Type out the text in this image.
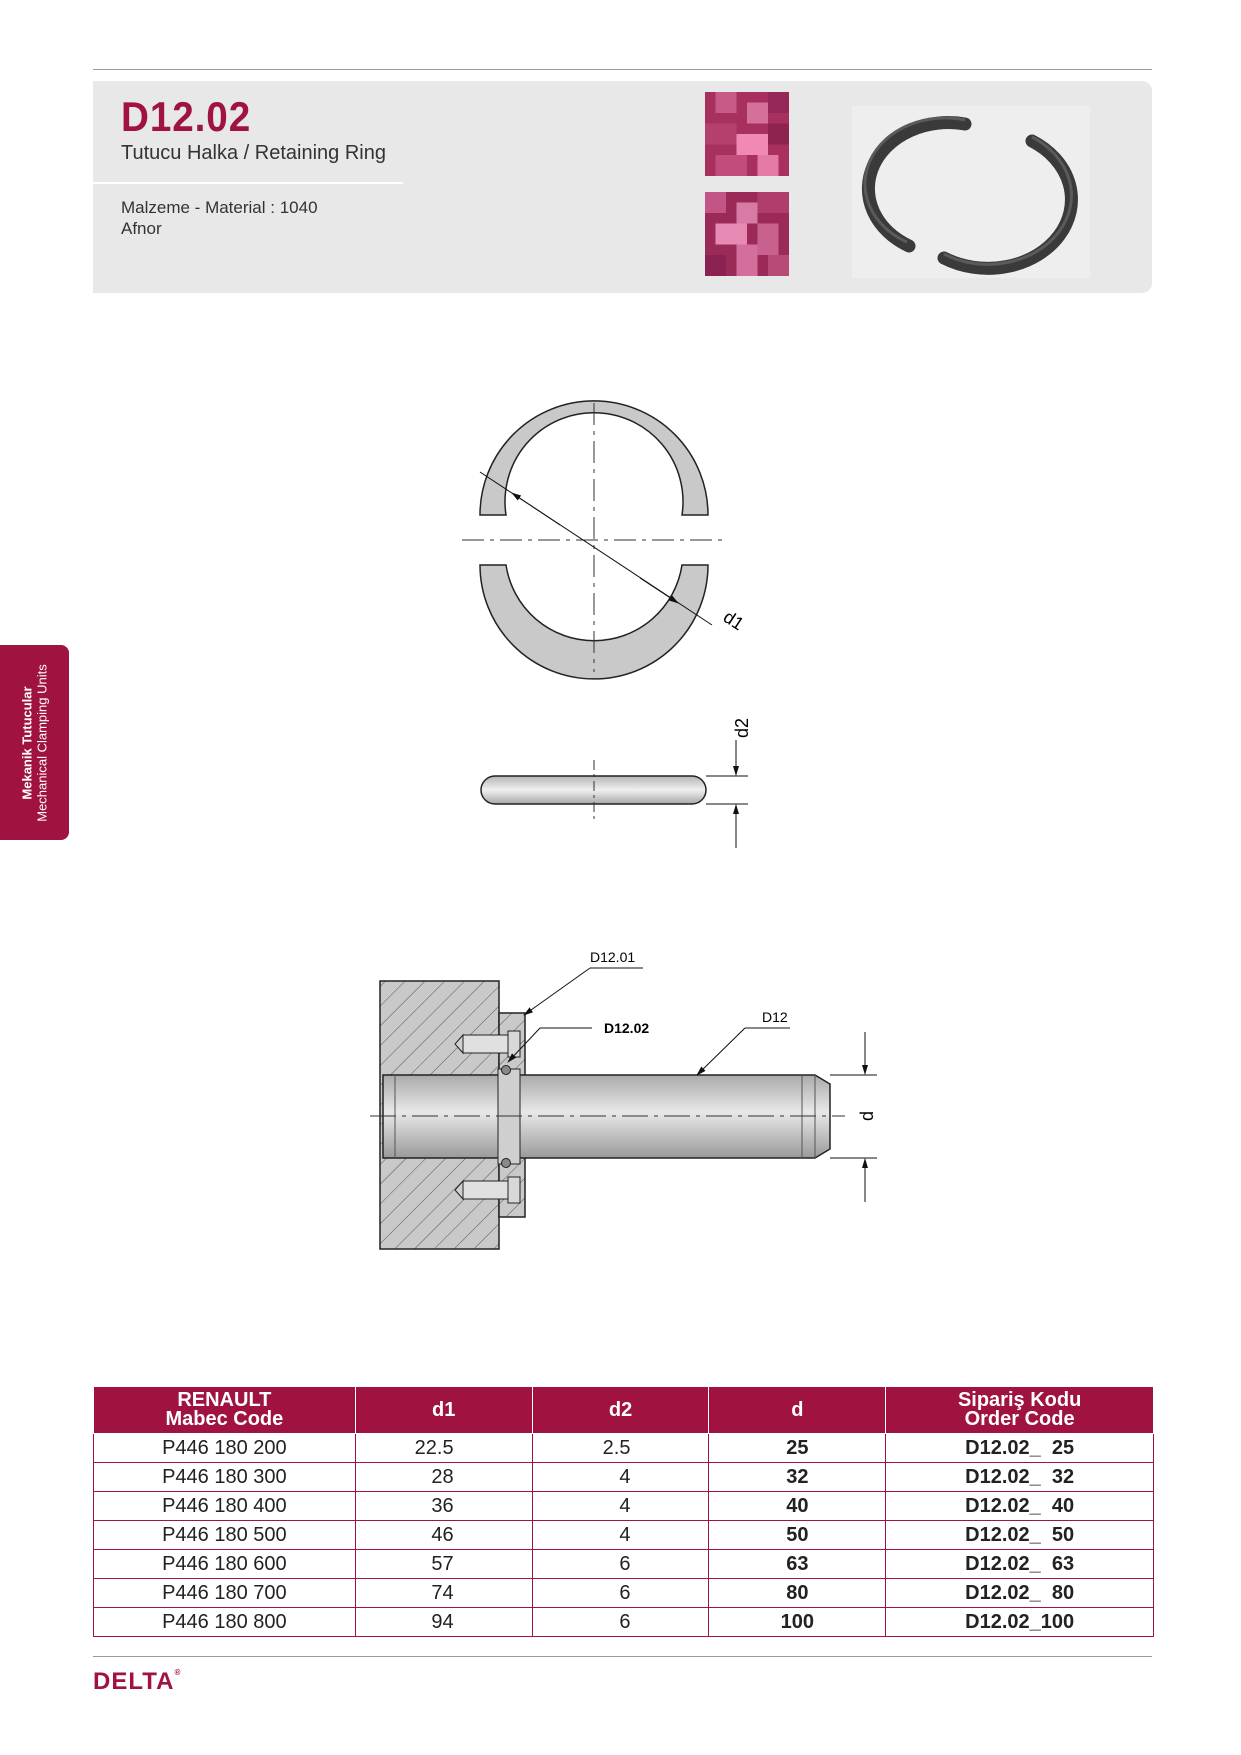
D12.02
Tutucu Halka / Retaining Ring
Malzeme - Material : 1040
Afnor
Mekanik Tutucular Mechanical Clamping Units
d1
d2
d
D12.01
D12.02
D12
RENAULT
Mabec Code	d1	d2	d	Sipariş Kodu
Order Code
P446 180 200	22.5	2.5	25	D12.02_  25
P446 180 300	28	4	32	D12.02_  32
P446 180 400	36	4	40	D12.02_  40
P446 180 500	46	4	50	D12.02_  50
P446 180 600	57	6	63	D12.02_  63
P446 180 700	74	6	80	D12.02_  80
P446 180 800	94	6	100	D12.02_100
DELTA®
